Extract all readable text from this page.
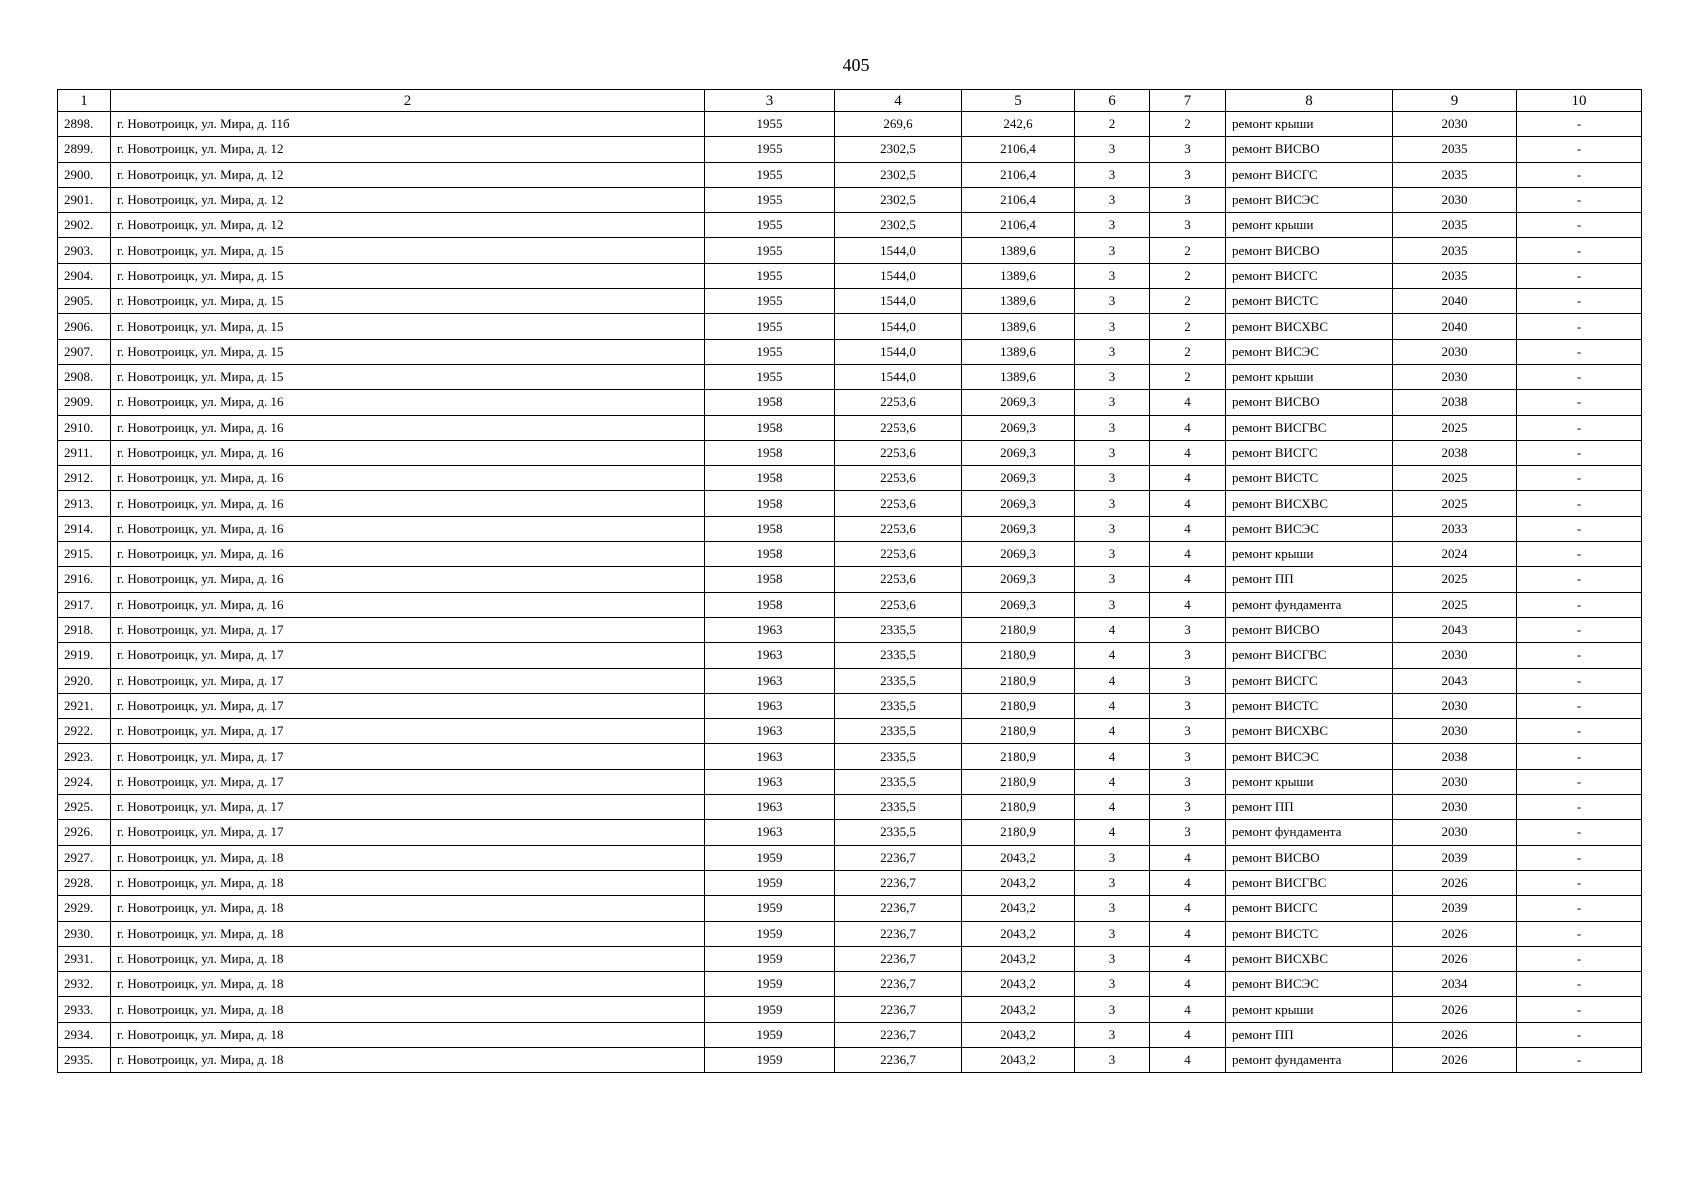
405
1	2	3	4	5	6	7	8	9	10
2898.	г. Новотроицк, ул. Мира, д. 11б	1955	269,6	242,6	2	2	ремонт крыши	2030	-
2899.	г. Новотроицк, ул. Мира, д. 12	1955	2302,5	2106,4	3	3	ремонт ВИСВО	2035	-
2900.	г. Новотроицк, ул. Мира, д. 12	1955	2302,5	2106,4	3	3	ремонт ВИСГС	2035	-
2901.	г. Новотроицк, ул. Мира, д. 12	1955	2302,5	2106,4	3	3	ремонт ВИСЭС	2030	-
2902.	г. Новотроицк, ул. Мира, д. 12	1955	2302,5	2106,4	3	3	ремонт крыши	2035	-
2903.	г. Новотроицк, ул. Мира, д. 15	1955	1544,0	1389,6	3	2	ремонт ВИСВО	2035	-
2904.	г. Новотроицк, ул. Мира, д. 15	1955	1544,0	1389,6	3	2	ремонт ВИСГС	2035	-
2905.	г. Новотроицк, ул. Мира, д. 15	1955	1544,0	1389,6	3	2	ремонт ВИСТС	2040	-
2906.	г. Новотроицк, ул. Мира, д. 15	1955	1544,0	1389,6	3	2	ремонт ВИСХВС	2040	-
2907.	г. Новотроицк, ул. Мира, д. 15	1955	1544,0	1389,6	3	2	ремонт ВИСЭС	2030	-
2908.	г. Новотроицк, ул. Мира, д. 15	1955	1544,0	1389,6	3	2	ремонт крыши	2030	-
2909.	г. Новотроицк, ул. Мира, д. 16	1958	2253,6	2069,3	3	4	ремонт ВИСВО	2038	-
2910.	г. Новотроицк, ул. Мира, д. 16	1958	2253,6	2069,3	3	4	ремонт ВИСГВС	2025	-
2911.	г. Новотроицк, ул. Мира, д. 16	1958	2253,6	2069,3	3	4	ремонт ВИСГС	2038	-
2912.	г. Новотроицк, ул. Мира, д. 16	1958	2253,6	2069,3	3	4	ремонт ВИСТС	2025	-
2913.	г. Новотроицк, ул. Мира, д. 16	1958	2253,6	2069,3	3	4	ремонт ВИСХВС	2025	-
2914.	г. Новотроицк, ул. Мира, д. 16	1958	2253,6	2069,3	3	4	ремонт ВИСЭС	2033	-
2915.	г. Новотроицк, ул. Мира, д. 16	1958	2253,6	2069,3	3	4	ремонт крыши	2024	-
2916.	г. Новотроицк, ул. Мира, д. 16	1958	2253,6	2069,3	3	4	ремонт ПП	2025	-
2917.	г. Новотроицк, ул. Мира, д. 16	1958	2253,6	2069,3	3	4	ремонт фундамента	2025	-
2918.	г. Новотроицк, ул. Мира, д. 17	1963	2335,5	2180,9	4	3	ремонт ВИСВО	2043	-
2919.	г. Новотроицк, ул. Мира, д. 17	1963	2335,5	2180,9	4	3	ремонт ВИСГВС	2030	-
2920.	г. Новотроицк, ул. Мира, д. 17	1963	2335,5	2180,9	4	3	ремонт ВИСГС	2043	-
2921.	г. Новотроицк, ул. Мира, д. 17	1963	2335,5	2180,9	4	3	ремонт ВИСТС	2030	-
2922.	г. Новотроицк, ул. Мира, д. 17	1963	2335,5	2180,9	4	3	ремонт ВИСХВС	2030	-
2923.	г. Новотроицк, ул. Мира, д. 17	1963	2335,5	2180,9	4	3	ремонт ВИСЭС	2038	-
2924.	г. Новотроицк, ул. Мира, д. 17	1963	2335,5	2180,9	4	3	ремонт крыши	2030	-
2925.	г. Новотроицк, ул. Мира, д. 17	1963	2335,5	2180,9	4	3	ремонт ПП	2030	-
2926.	г. Новотроицк, ул. Мира, д. 17	1963	2335,5	2180,9	4	3	ремонт фундамента	2030	-
2927.	г. Новотроицк, ул. Мира, д. 18	1959	2236,7	2043,2	3	4	ремонт ВИСВО	2039	-
2928.	г. Новотроицк, ул. Мира, д. 18	1959	2236,7	2043,2	3	4	ремонт ВИСГВС	2026	-
2929.	г. Новотроицк, ул. Мира, д. 18	1959	2236,7	2043,2	3	4	ремонт ВИСГС	2039	-
2930.	г. Новотроицк, ул. Мира, д. 18	1959	2236,7	2043,2	3	4	ремонт ВИСТС	2026	-
2931.	г. Новотроицк, ул. Мира, д. 18	1959	2236,7	2043,2	3	4	ремонт ВИСХВС	2026	-
2932.	г. Новотроицк, ул. Мира, д. 18	1959	2236,7	2043,2	3	4	ремонт ВИСЭС	2034	-
2933.	г. Новотроицк, ул. Мира, д. 18	1959	2236,7	2043,2	3	4	ремонт крыши	2026	-
2934.	г. Новотроицк, ул. Мира, д. 18	1959	2236,7	2043,2	3	4	ремонт ПП	2026	-
2935.	г. Новотроицк, ул. Мира, д. 18	1959	2236,7	2043,2	3	4	ремонт фундамента	2026	-
